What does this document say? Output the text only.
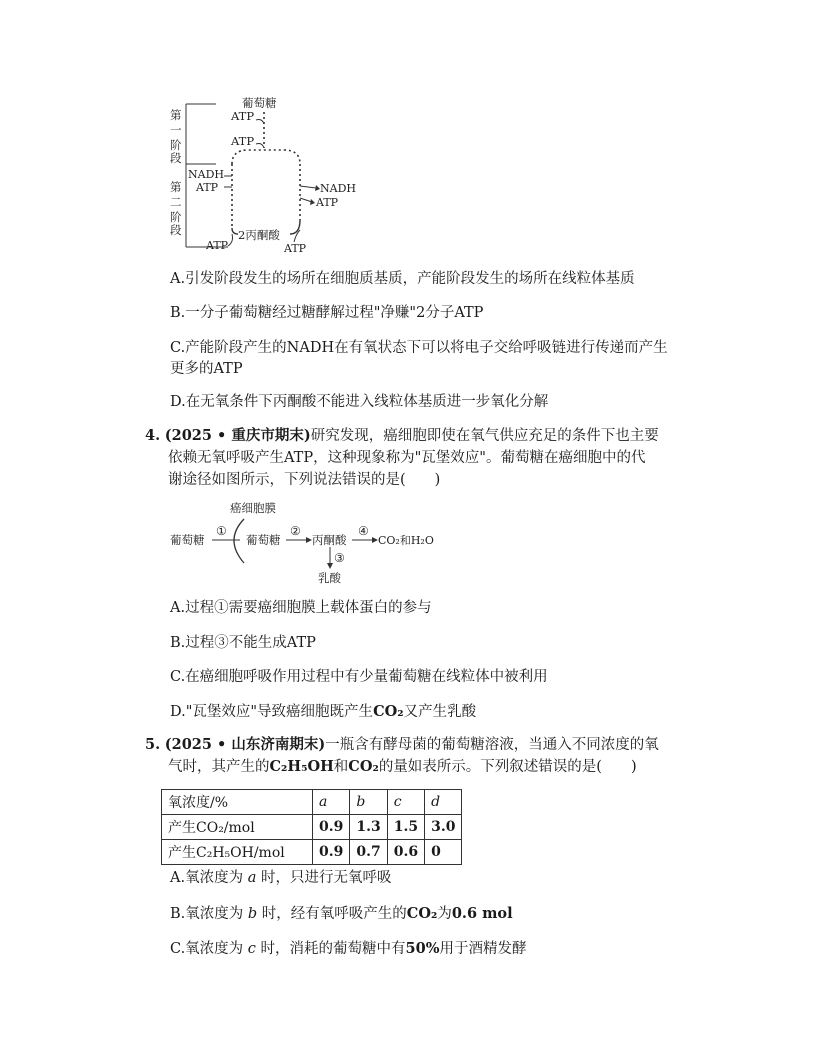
第一阶段
第二阶段
葡萄糖
ATP
ATP
NADH
ATP	NADH
ATP
2丙酮酸
ATP	ATP
A.引发阶段发生的场所在细胞质基质，产能阶段发生的场所在线粒体基质
B.一分子葡萄糖经过糖酵解过程"净赚"2分子ATP
C.产能阶段产生的NADH在有氧状态下可以将电子交给呼吸链进行传递而产生
更多的ATP
D.在无氧条件下丙酮酸不能进入线粒体基质进一步氧化分解
4. (2025 • 重庆市期末)研究发现，癌细胞即使在氧气供应充足的条件下也主要
依赖无氧呼吸产生ATP，这种现象称为"瓦堡效应"。葡萄糖在癌细胞中的代
谢途径如图所示，下列说法错误的是(　　)
癌细胞膜
葡萄糖
①
葡萄糖
②
丙酮酸
④
CO₂和H₂O
③
乳酸
A.过程①需要癌细胞膜上载体蛋白的参与
B.过程③不能生成ATP
C.在癌细胞呼吸作用过程中有少量葡萄糖在线粒体中被利用
D."瓦堡效应"导致癌细胞既产生CO₂又产生乳酸
5. (2025 • 山东济南期末)一瓶含有酵母菌的葡萄糖溶液，当通入不同浓度的氧
气时，其产生的C₂H₅OH和CO₂的量如表所示。下列叙述错误的是(　　)
氧浓度/%	a	b	c	d
产生CO₂/mol	0.9	1.3	1.5	3.0
产生C₂H₅OH/mol	0.9	0.7	0.6	0
A.氧浓度为 a 时，只进行无氧呼吸
B.氧浓度为 b 时，经有氧呼吸产生的CO₂为0.6 mol
C.氧浓度为 c 时，消耗的葡萄糖中有50%用于酒精发酵
